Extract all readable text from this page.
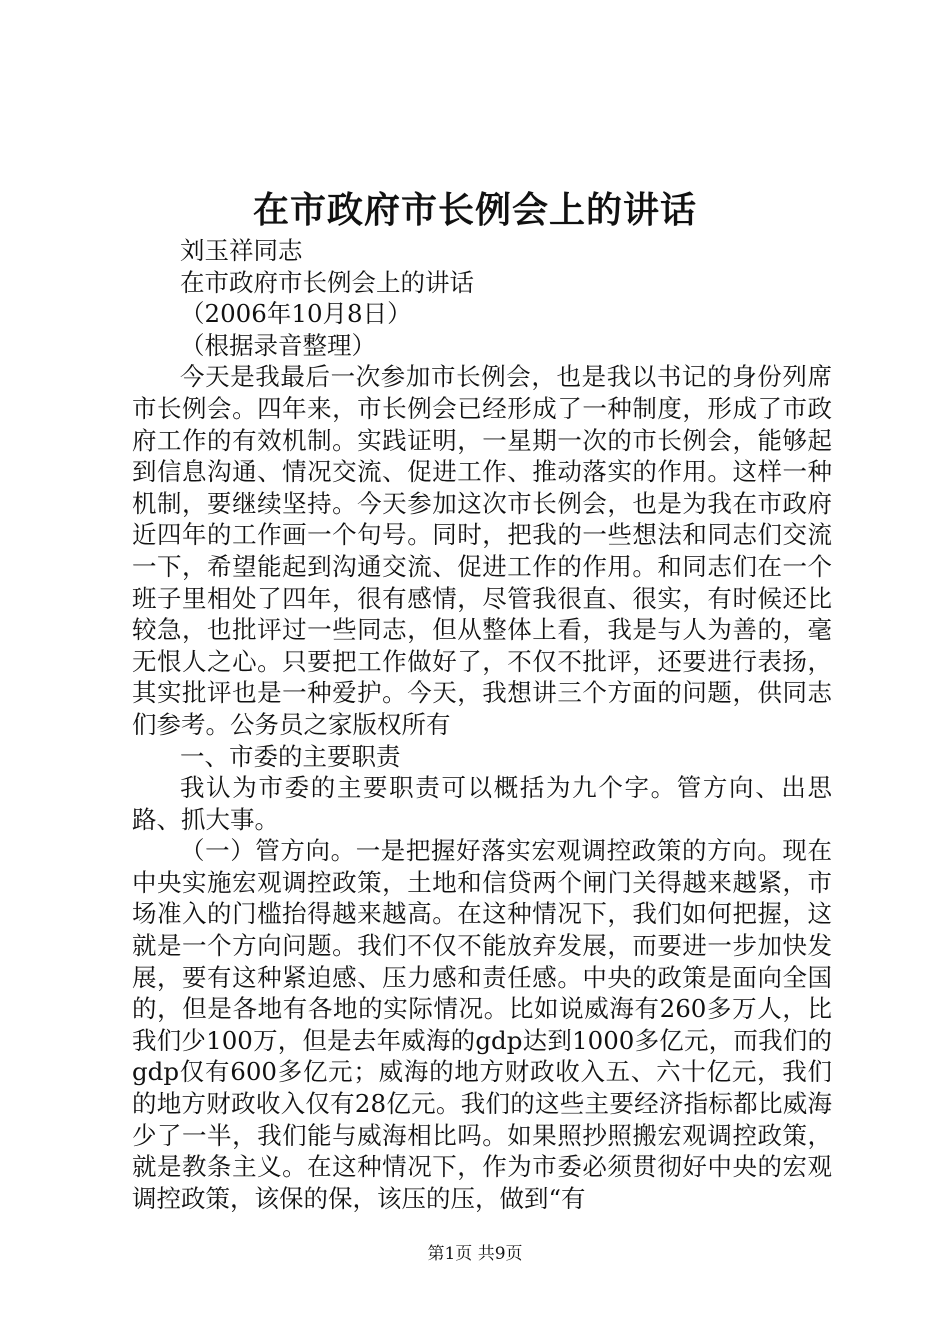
在市政府市长例会上的讲话

刘玉祥同志

在市政府市长例会上的讲话

（2006年10月8日）

（根据录音整理）

今天是我最后一次参加市长例会，也是我以书记的身份列席市长例会。四年来，市长例会已经形成了一种制度，形成了市政府工作的有效机制。实践证明，一星期一次的市长例会，能够起到信息沟通、情况交流、促进工作、推动落实的作用。这样一种机制，要继续坚持。今天参加这次市长例会，也是为我在市政府近四年的工作画一个句号。同时，把我的一些想法和同志们交流一下，希望能起到沟通交流、促进工作的作用。和同志们在一个班子里相处了四年，很有感情，尽管我很直、很实，有时候还比较急，也批评过一些同志，但从整体上看，我是与人为善的，毫无恨人之心。只要把工作做好了，不仅不批评，还要进行表扬，其实批评也是一种爱护。今天，我想讲三个方面的问题，供同志们参考。公务员之家版权所有

一、市委的主要职责

我认为市委的主要职责可以概括为九个字。管方向、出思路、抓大事。

（一）管方向。一是把握好落实宏观调控政策的方向。现在中央实施宏观调控政策，土地和信贷两个闸门关得越来越紧，市场准入的门槛抬得越来越高。在这种情况下，我们如何把握，这就是一个方向问题。我们不仅不能放弃发展，而要进一步加快发展，要有这种紧迫感、压力感和责任感。中央的政策是面向全国的，但是各地有各地的实际情况。比如说威海有260多万人，比我们少100万，但是去年威海的gdp达到1000多亿元，而我们的gdp仅有600多亿元；威海的地方财政收入五、六十亿元，我们的地方财政收入仅有28亿元。我们的这些主要经济指标都比威海少了一半，我们能与威海相比吗。如果照抄照搬宏观调控政策，就是教条主义。在这种情况下，作为市委必须贯彻好中央的宏观调控政策，该保的保，该压的压，做到“有

第1页 共9页
